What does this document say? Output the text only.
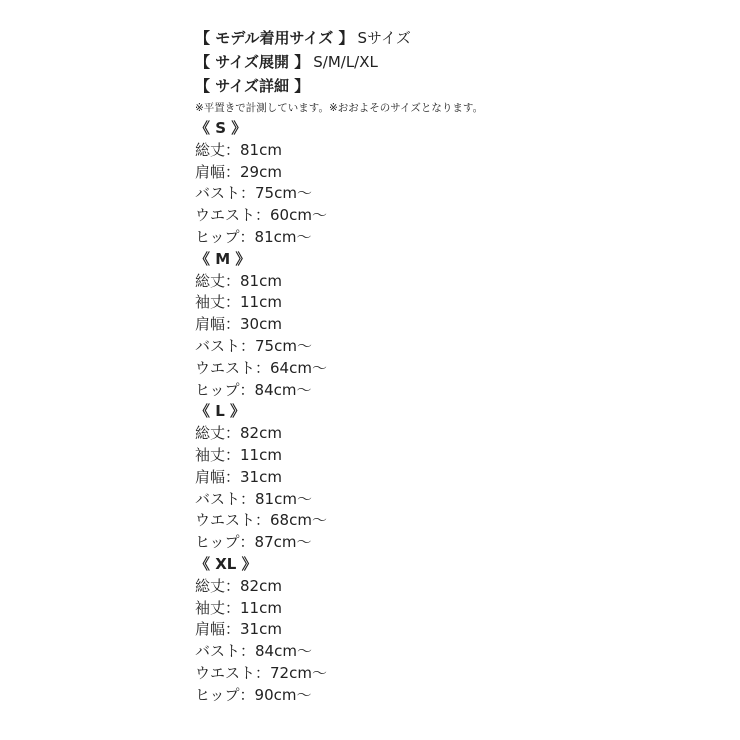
【 モデル着用サイズ 】 Sサイズ
【 サイズ展開 】 S/M/L/XL
【 サイズ詳細 】
※平置きで計測しています。※おおよそのサイズとなります。
《 S 》
総丈：81cm
肩幅：29cm
バスト：75cm〜
ウエスト：60cm〜
ヒップ：81cm〜
《 M 》
総丈：81cm
袖丈：11cm
肩幅：30cm
バスト：75cm〜
ウエスト：64cm〜
ヒップ：84cm〜
《 L 》
総丈：82cm
袖丈：11cm
肩幅：31cm
バスト：81cm〜
ウエスト：68cm〜
ヒップ：87cm〜
《 XL 》
総丈：82cm
袖丈：11cm
肩幅：31cm
バスト：84cm〜
ウエスト：72cm〜
ヒップ：90cm〜
